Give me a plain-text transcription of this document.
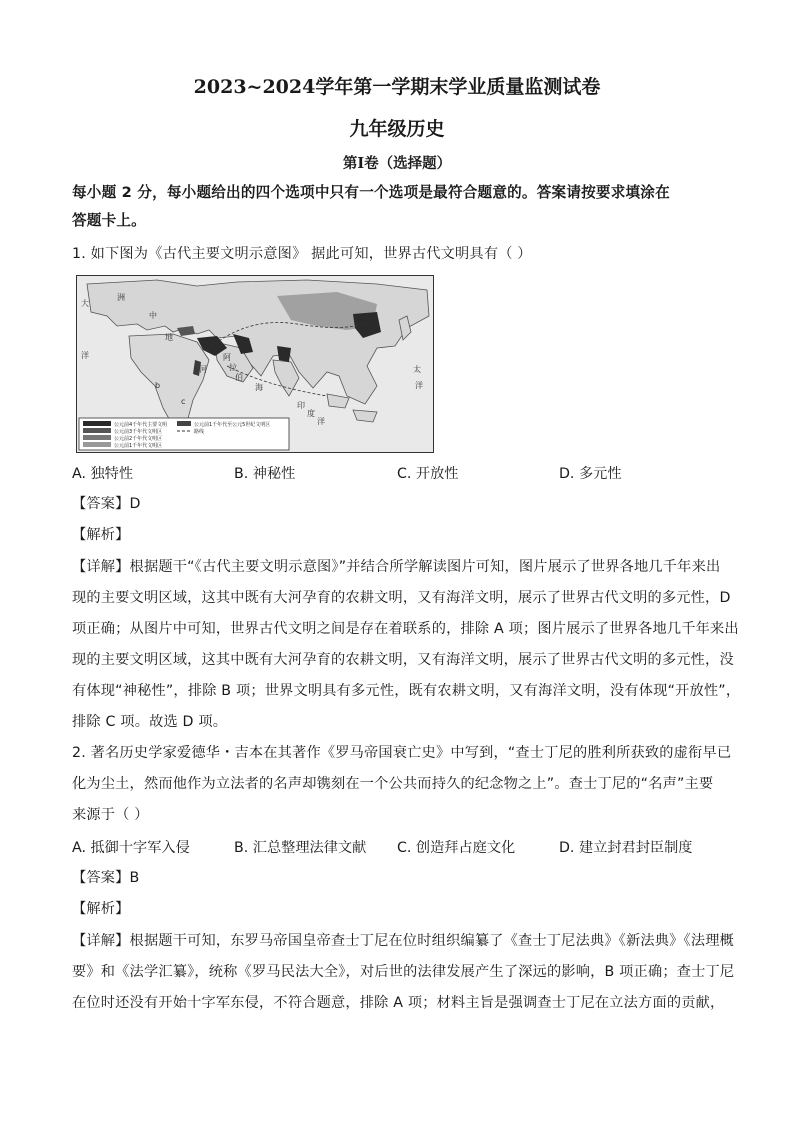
2023~2024学年第一学期末学业质量监测试卷
九年级历史
第Ⅰ卷（选择题）
每小题 2 分，每小题给出的四个选项中只有一个选项是最符合题意的。答案请按要求填涂在
答题卡上。
1. 如下图为《古代主要文明示意图》 据此可知，世界古代文明具有（ ）
公元前4千年代主要文明
公元前3千年代文明区
公元前2千年代文明区
公元前1千年代文明区
公元前1千年代至公元5世纪文明区
路线
大
洋
洲
中
河
地
阿
拉
伯
海
印
度
洋
太
洋
b
c
A. 独特性	B. 神秘性	C. 开放性	D. 多元性
【答案】D
【解析】
【详解】根据题干“《古代主要文明示意图》”并结合所学解读图片可知，图片展示了世界各地几千年来出
现的主要文明区域，这其中既有大河孕育的农耕文明，又有海洋文明，展示了世界古代文明的多元性，D
项正确；从图片中可知，世界古代文明之间是存在着联系的，排除 A 项；图片展示了世界各地几千年来出
现的主要文明区域，这其中既有大河孕育的农耕文明，又有海洋文明，展示了世界古代文明的多元性，没
有体现“神秘性”，排除 B 项；世界文明具有多元性，既有农耕文明，又有海洋文明，没有体现“开放性”，
排除 C 项。故选 D 项。
2. 著名历史学家爱德华・吉本在其著作《罗马帝国衰亡史》中写到，“查士丁尼的胜利所获致的虚衔早已
化为尘土，然而他作为立法者的名声却镌刻在一个公共而持久的纪念物之上”。查士丁尼的“名声”主要
来源于（ ）
A. 抵御十字军入侵	B. 汇总整理法律文献 C. 创造拜占庭文化	D. 建立封君封臣制度
【答案】B
【解析】
【详解】根据题干可知，东罗马帝国皇帝查士丁尼在位时组织编纂了《查士丁尼法典》《新法典》《法理概
要》和《法学汇纂》，统称《罗马民法大全》，对后世的法律发展产生了深远的影响，B 项正确；查士丁尼
在位时还没有开始十字军东侵，不符合题意，排除 A 项；材料主旨是强调查士丁尼在立法方面的贡献，
